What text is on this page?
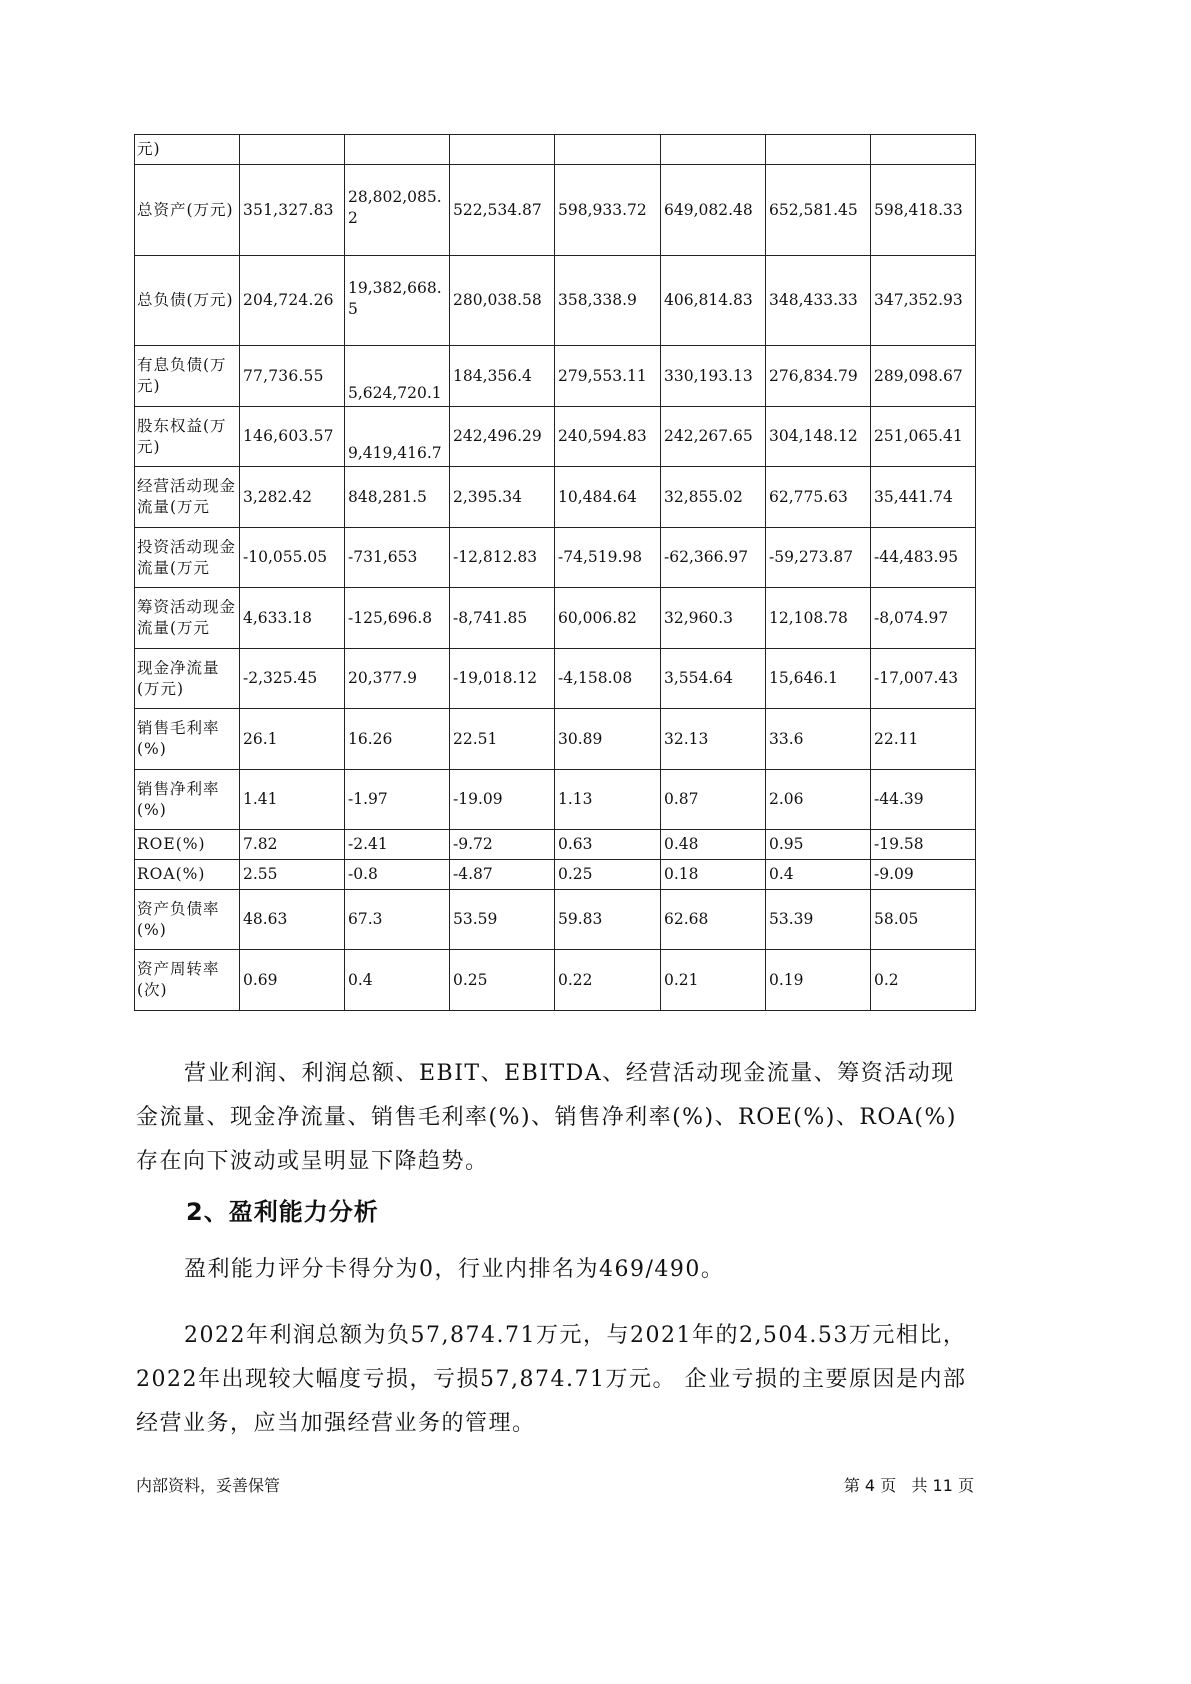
元)							
总资产(万元)	351,327.83	28,802,085.2	522,534.87	598,933.72	649,082.48	652,581.45	598,418.33
总负债(万元)	204,724.26	19,382,668.5	280,038.58	358,338.9	406,814.83	348,433.33	347,352.93
有息负债(万元)	77,736.55	5,624,720.1	184,356.4	279,553.11	330,193.13	276,834.79	289,098.67
股东权益(万元)	146,603.57	9,419,416.7	242,496.29	240,594.83	242,267.65	304,148.12	251,065.41
经营活动现金流量(万元	3,282.42	848,281.5	2,395.34	10,484.64	32,855.02	62,775.63	35,441.74
投资活动现金流量(万元	-10,055.05	-731,653	-12,812.83	-74,519.98	-62,366.97	-59,273.87	-44,483.95
筹资活动现金流量(万元	4,633.18	-125,696.8	-8,741.85	60,006.82	32,960.3	12,108.78	-8,074.97
现金净流量(万元)	-2,325.45	20,377.9	-19,018.12	-4,158.08	3,554.64	15,646.1	-17,007.43
销售毛利率(%)	26.1	16.26	22.51	30.89	32.13	33.6	22.11
销售净利率(%)	1.41	-1.97	-19.09	1.13	0.87	2.06	-44.39
ROE(%)	7.82	-2.41	-9.72	0.63	0.48	0.95	-19.58
ROA(%)	2.55	-0.8	-4.87	0.25	0.18	0.4	-9.09
资产负债率(%)	48.63	67.3	53.59	59.83	62.68	53.39	58.05
资产周转率(次)	0.69	0.4	0.25	0.22	0.21	0.19	0.2

营业利润、利润总额、EBIT、EBITDA、经营活动现金流量、筹资活动现金流量、现金净流量、销售毛利率(%)、销售净利率(%)、ROE(%)、ROA(%)存在向下波动或呈明显下降趋势。

2、盈利能力分析

盈利能力评分卡得分为0，行业内排名为469/490。

2022年利润总额为负57,874.71万元，与2021年的2,504.53万元相比，2022年出现较大幅度亏损，亏损57,874.71万元。 企业亏损的主要原因是内部经营业务，应当加强经营业务的管理。

内部资料，妥善保管	第 4 页   共 11 页
